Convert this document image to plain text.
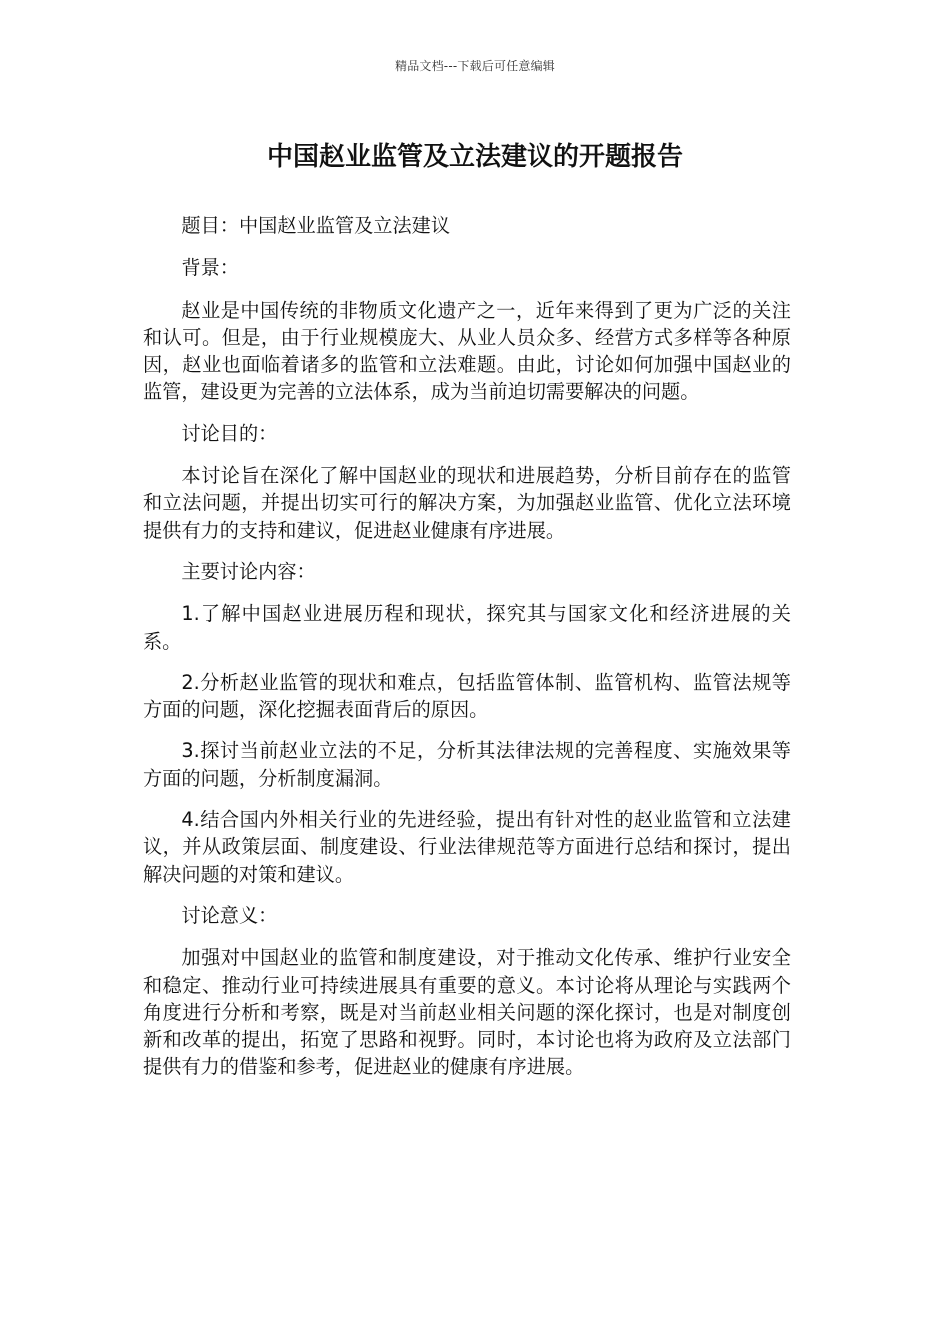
精品文档---下载后可任意编辑
中国赵业监管及立法建议的开题报告

题目：中国赵业监管及立法建议

背景：

赵业是中国传统的非物质文化遗产之一，近年来得到了更为广泛的关注和认可。但是，由于行业规模庞大、从业人员众多、经营方式多样等各种原因，赵业也面临着诸多的监管和立法难题。由此，讨论如何加强中国赵业的监管，建设更为完善的立法体系，成为当前迫切需要解决的问题。

讨论目的：

本讨论旨在深化了解中国赵业的现状和进展趋势，分析目前存在的监管和立法问题，并提出切实可行的解决方案，为加强赵业监管、优化立法环境提供有力的支持和建议，促进赵业健康有序进展。

主要讨论内容：

1.了解中国赵业进展历程和现状，探究其与国家文化和经济进展的关系。

2.分析赵业监管的现状和难点，包括监管体制、监管机构、监管法规等方面的问题，深化挖掘表面背后的原因。

3.探讨当前赵业立法的不足，分析其法律法规的完善程度、实施效果等方面的问题，分析制度漏洞。

4.结合国内外相关行业的先进经验，提出有针对性的赵业监管和立法建议，并从政策层面、制度建设、行业法律规范等方面进行总结和探讨，提出解决问题的对策和建议。

讨论意义：

加强对中国赵业的监管和制度建设，对于推动文化传承、维护行业安全和稳定、推动行业可持续进展具有重要的意义。本讨论将从理论与实践两个角度进行分析和考察，既是对当前赵业相关问题的深化探讨，也是对制度创新和改革的提出，拓宽了思路和视野。同时，本讨论也将为政府及立法部门提供有力的借鉴和参考，促进赵业的健康有序进展。
